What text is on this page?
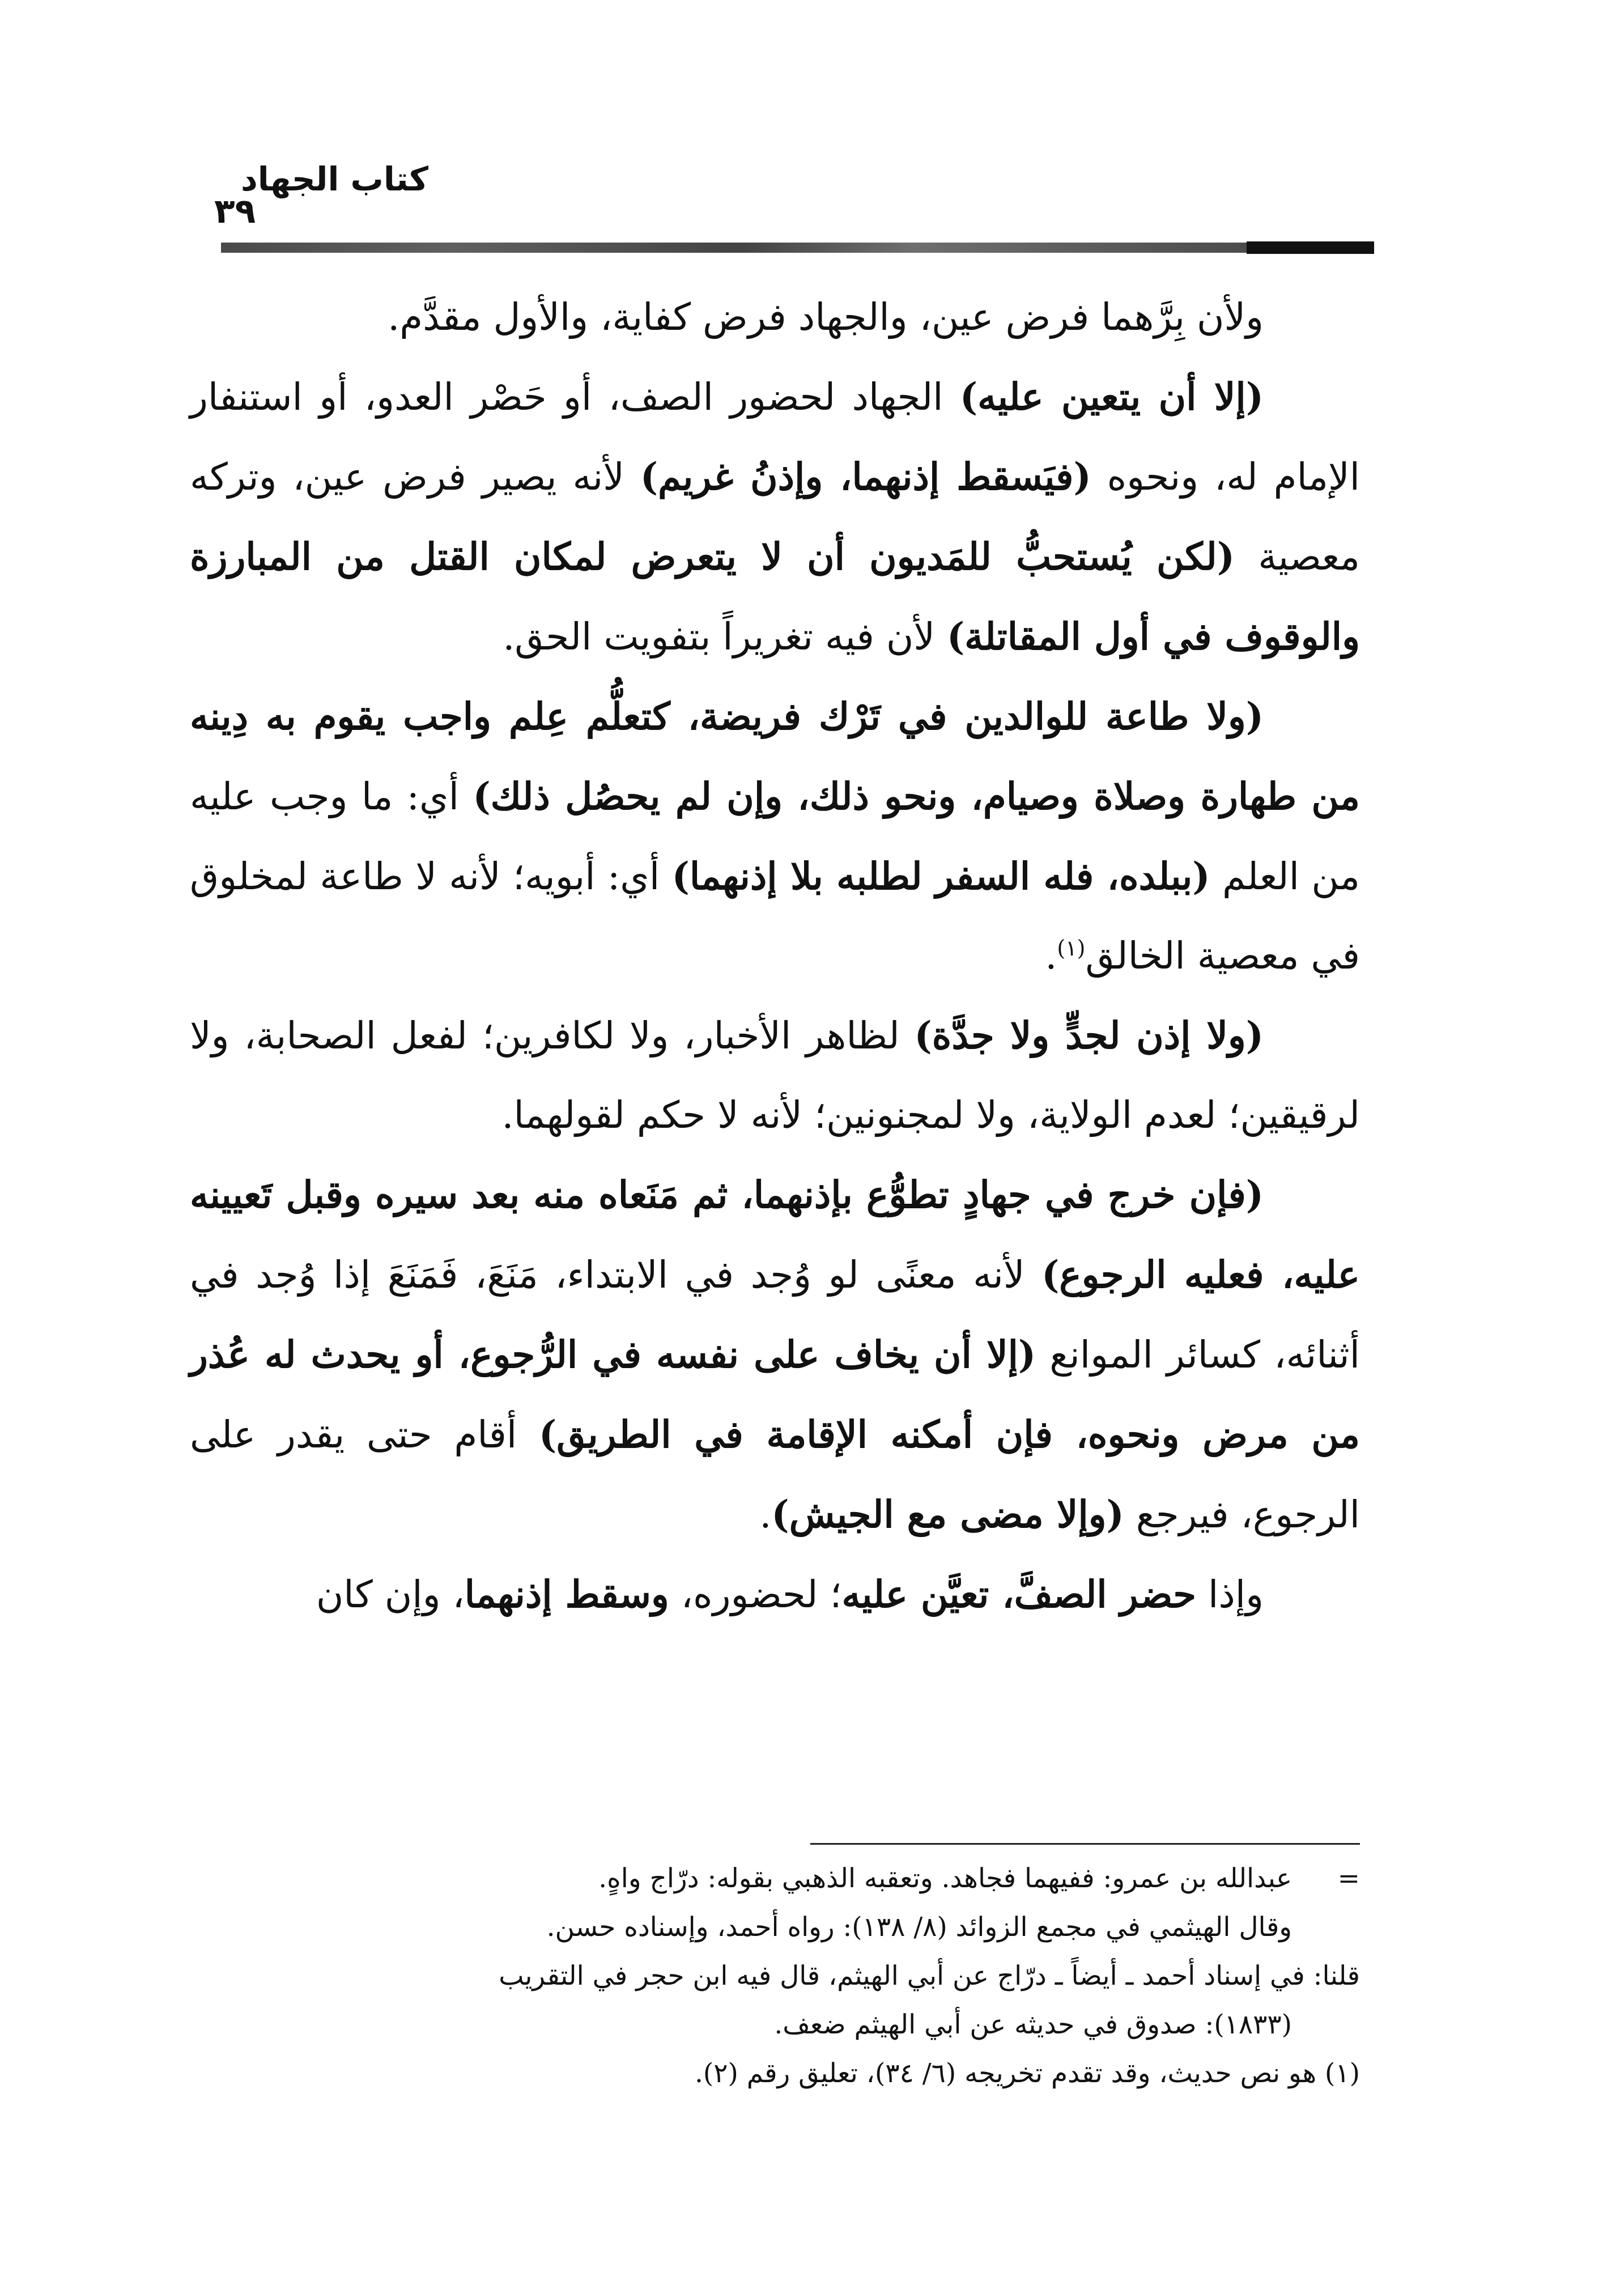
كتاب الجهاد
٣٩

ولأن بِرَّهما فرض عين، والجهاد فرض كفاية، والأول مقدَّم.

(إلا أن يتعين عليه) الجهاد لحضور الصف، أو حَصْر العدو، أو استنفار الإمام له، ونحوه (فيَسقط إذنهما، وإذنُ غريم) لأنه يصير فرض عين، وتركه معصية (لكن يُستحبُّ للمَديون أن لا يتعرض لمكان القتل من المبارزة والوقوف في أول المقاتلة) لأن فيه تغريراً بتفويت الحق.

(ولا طاعة للوالدين في تَرْك فريضة، كتعلُّم عِلم واجب يقوم به دِينه من طهارة وصلاة وصيام، ونحو ذلك، وإن لم يحصُل ذلك) أي: ما وجب عليه من العلم (ببلده، فله السفر لطلبه بلا إذنهما) أي: أبويه؛ لأنه لا طاعة لمخلوق في معصية الخالق$^{(١)}$.

(ولا إذن لجدٍّ ولا جدَّة) لظاهر الأخبار، ولا لكافرين؛ لفعل الصحابة، ولا لرقيقين؛ لعدم الولاية، ولا لمجنونين؛ لأنه لا حكم لقولهما.

(فإن خرج في جهادٍ تطوُّع بإذنهما، ثم مَنَعاه منه بعد سيره وقبل تَعيينه عليه، فعليه الرجوع) لأنه معنًى لو وُجد في الابتداء، مَنَعَ، فَمَنَعَ إذا وُجد في أثنائه، كسائر الموانع (إلا أن يخاف على نفسه في الرُّجوع، أو يحدث له عُذر من مرض ونحوه، فإن أمكنه الإقامة في الطريق) أقام حتى يقدر على الرجوع، فيرجع (وإلا مضى مع الجيش).

وإذا حضر الصفَّ، تعيَّن عليه؛ لحضوره، وسقط إذنهما، وإن كان

=
عبدالله بن عمرو: ففيهما فجاهد. وتعقبه الذهبي بقوله: درّاج واهٍ.

وقال الهيثمي في مجمع الزوائد (٨/ ١٣٨): رواه أحمد، وإسناده حسن.

قلنا: في إسناد أحمد ـ أيضاً ـ درّاج عن أبي الهيثم، قال فيه ابن حجر في التقريب

(١٨٣٣): صدوق في حديثه عن أبي الهيثم ضعف.

(١) هو نص حديث، وقد تقدم تخريجه (٦/ ٣٤)، تعليق رقم (٢).
